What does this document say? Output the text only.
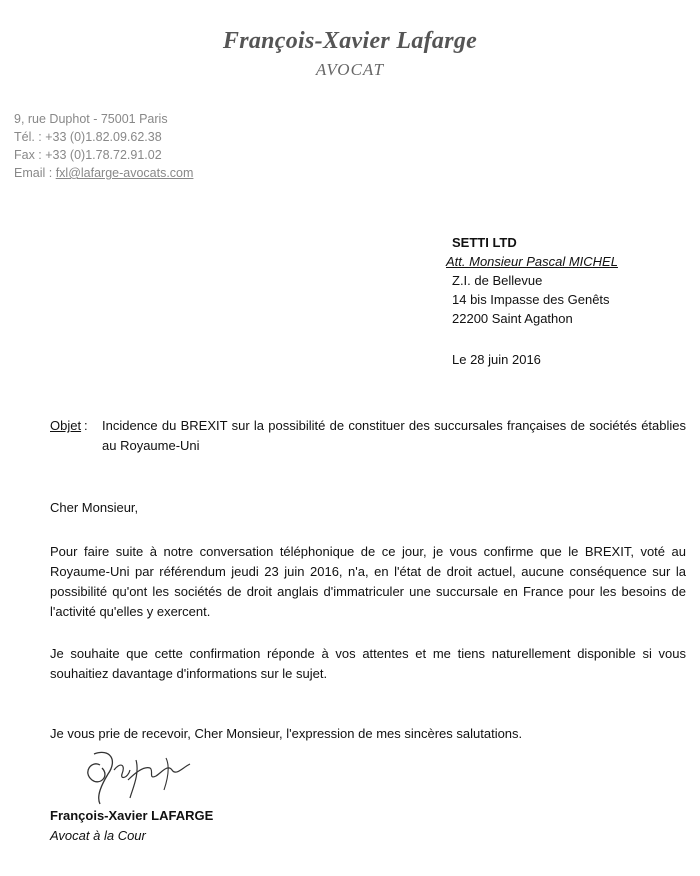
François-Xavier Lafarge
AVOCAT
9, rue Duphot - 75001 Paris
Tél. : +33 (0)1.82.09.62.38
Fax : +33 (0)1.78.72.91.02
Email : fxl@lafarge-avocats.com
SETTI LTD
Att. Monsieur Pascal MICHEL
Z.I. de Bellevue
14 bis Impasse des Genêts
22200 Saint Agathon
Le 28 juin 2016
Objet : Incidence du BREXIT sur la possibilité de constituer des succursales françaises de sociétés établies au Royaume-Uni
Cher Monsieur,
Pour faire suite à notre conversation téléphonique de ce jour, je vous confirme que le BREXIT, voté au Royaume-Uni par référendum jeudi 23 juin 2016, n'a, en l'état de droit actuel, aucune conséquence sur la possibilité qu'ont les sociétés de droit anglais d'immatriculer une succursale en France pour les besoins de l'activité qu'elles y exercent.
Je souhaite que cette confirmation réponde à vos attentes et me tiens naturellement disponible si vous souhaitiez davantage d'informations sur le sujet.
Je vous prie de recevoir, Cher Monsieur, l'expression de mes sincères salutations.
François-Xavier LAFARGE
Avocat à la Cour
